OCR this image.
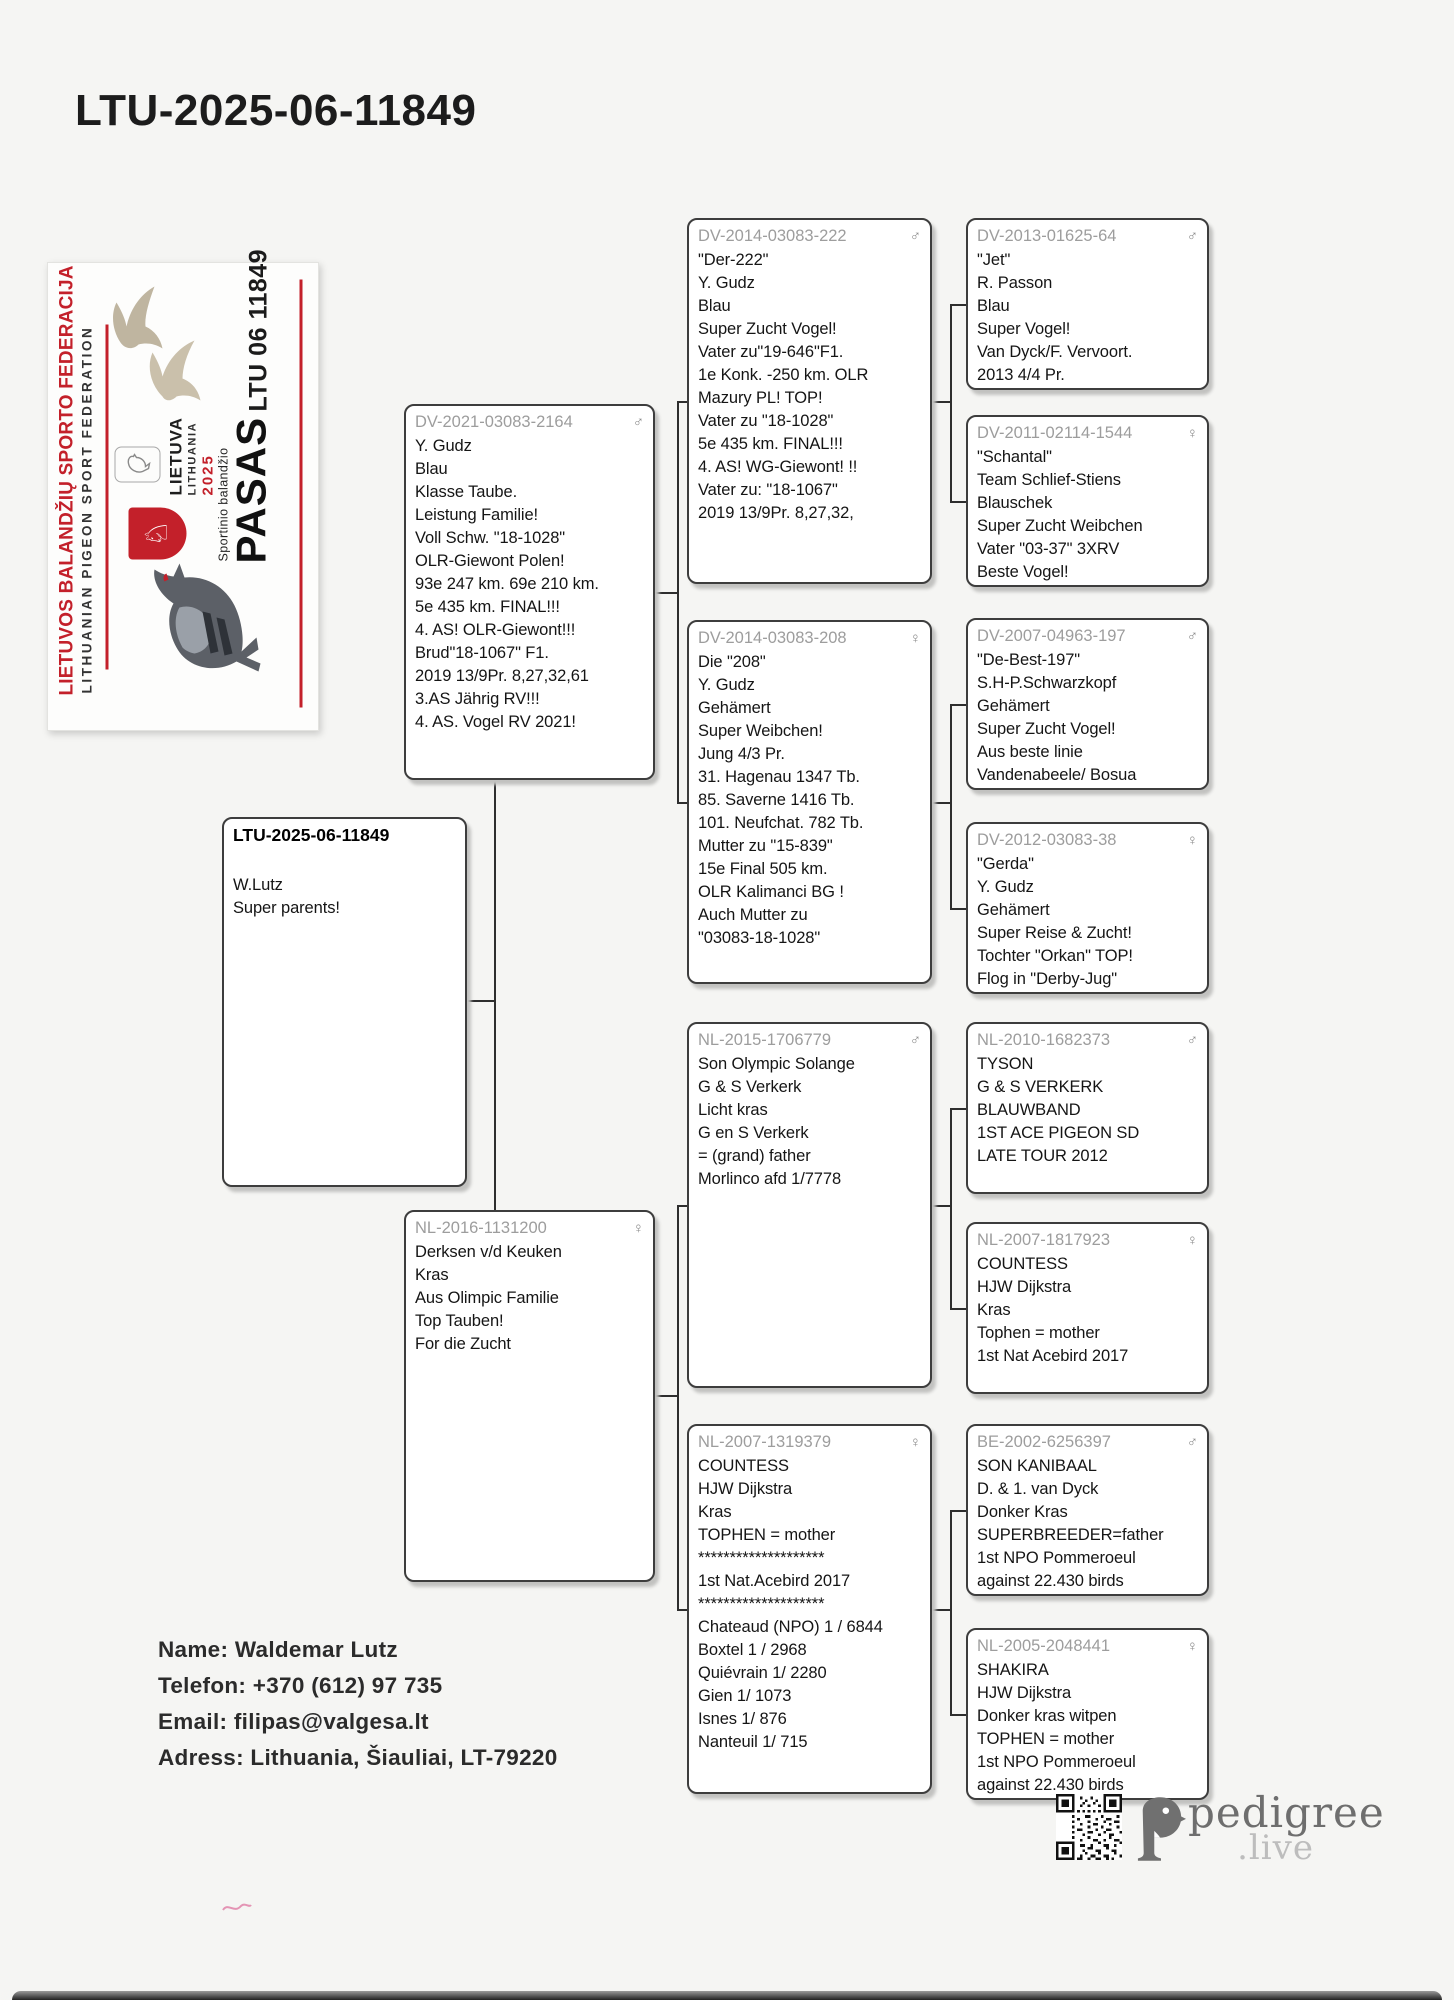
LTU-2025-06-11849
LIETUVOS BALANDŽIŲ SPORTO FEDERACIJA LITHUANIAN PIGEON SPORT FEDERATION ♘
LIETUVA LITHUANIA 2025 Sportinio balandžio
PASAS
LTU 06 11849
LTU-2025-06-11849
W.Lutz
Super parents!
DV-2021-03083-2164	♂
Y. Gudz
Blau
Klasse Taube.
Leistung Familie!
Voll Schw. "18-1028"
OLR-Giewont Polen!
93e 247 km. 69e 210 km.
5e 435 km. FINAL!!!
4. AS! OLR-Giewont!!!
Brud"18-1067" F1.
2019 13/9Pr. 8,27,32,61
3.AS Jährig RV!!!
4. AS. Vogel RV 2021!
NL-2016-1131200	♀
Derksen v/d Keuken
Kras
Aus Olimpic Familie
Top Tauben!
For die Zucht
DV-2014-03083-222	♂
"Der-222"
Y. Gudz
Blau
Super Zucht Vogel!
Vater zu"19-646"F1.
1e Konk. -250 km. OLR
Mazury PL! TOP!
Vater zu "18-1028"
5e 435 km. FINAL!!!
4. AS! WG-Giewont! !!
Vater zu: "18-1067"
2019 13/9Pr. 8,27,32,
DV-2014-03083-208	♀
Die "208"
Y. Gudz
Gehämert
Super Weibchen!
Jung 4/3 Pr.
31. Hagenau 1347 Tb.
85. Saverne 1416 Tb.
101. Neufchat. 782 Tb.
Mutter zu "15-839"
15e Final 505 km.
OLR Kalimanci BG !
Auch Mutter zu
"03083-18-1028"
NL-2015-1706779	♂
Son Olympic Solange
G & S Verkerk
Licht kras
G en S Verkerk
= (grand) father
Morlinco afd 1/7778
NL-2007-1319379	♀
COUNTESS
HJW Dijkstra
Kras
TOPHEN = mother
********************
1st Nat.Acebird 2017
********************
Chateaud (NPO) 1 / 6844
Boxtel 1 / 2968
Quiévrain 1/ 2280
Gien 1/ 1073
Isnes 1/ 876
Nanteuil 1/ 715
DV-2013-01625-64	♂
"Jet"
R. Passon
Blau
Super Vogel!
Van Dyck/F. Vervoort.
2013 4/4 Pr.
DV-2011-02114-1544	♀
"Schantal"
Team Schlief-Stiens
Blauschek
Super Zucht Weibchen
Vater "03-37" 3XRV
Beste Vogel!
DV-2007-04963-197	♂
"De-Best-197"
S.H-P.Schwarzkopf
Gehämert
Super Zucht Vogel!
Aus beste linie
Vandenabeele/ Bosua
DV-2012-03083-38	♀
"Gerda"
Y. Gudz
Gehämert
Super Reise & Zucht!
Tochter "Orkan" TOP!
Flog in "Derby-Jug"
NL-2010-1682373	♂
TYSON
G & S VERKERK
BLAUWBAND
1ST ACE PIGEON SD
LATE TOUR 2012
NL-2007-1817923	♀
COUNTESS
HJW Dijkstra
Kras
Tophen = mother
1st Nat Acebird 2017
BE-2002-6256397	♂
SON KANIBAAL
D. & 1. van Dyck
Donker Kras
SUPERBREEDER=father
1st NPO Pommeroeul
against 22.430 birds
NL-2005-2048441	♀
SHAKIRA
HJW Dijkstra
Donker kras witpen
TOPHEN = mother
1st NPO Pommeroeul
against 22.430 birds
Name: Waldemar Lutz
Telefon: +370 (612) 97 735
Email: filipas@valgesa.lt
Adress: Lithuania, Šiauliai, LT-79220
pedigree
.live
